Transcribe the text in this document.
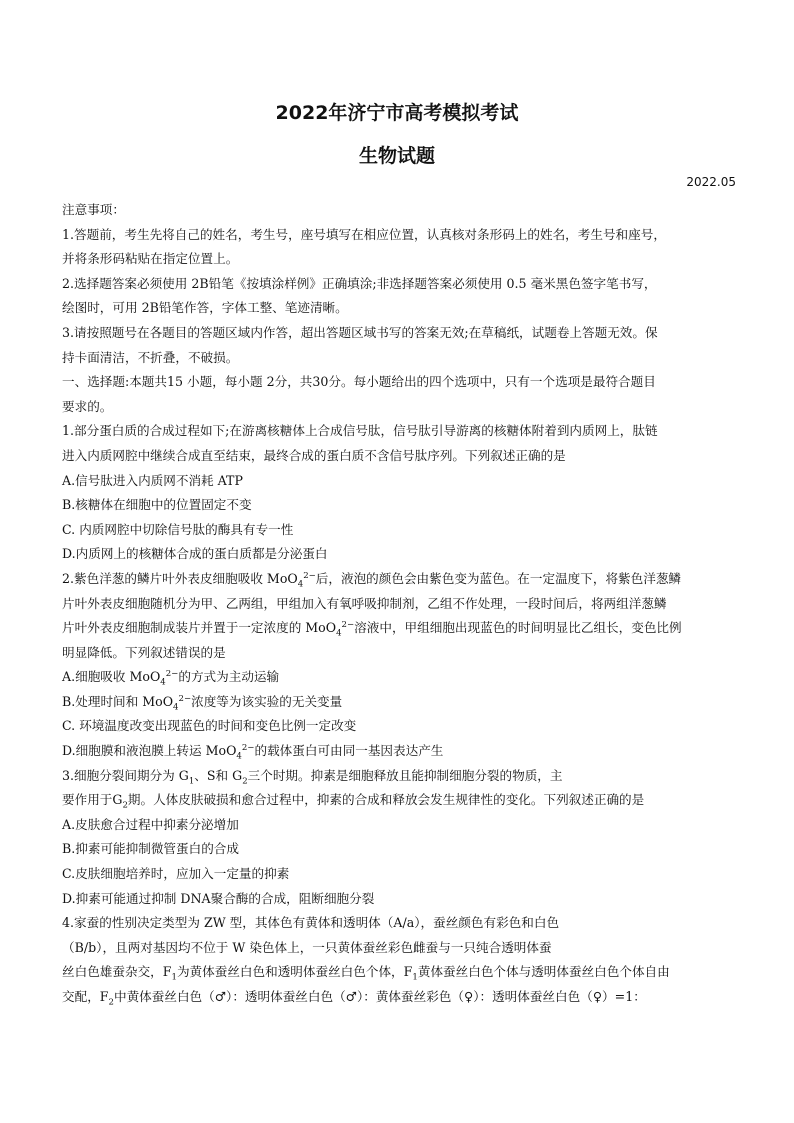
2022年济宁市高考模拟考试
生物试题
2022.05
注意事项：
1.答题前，考生先将自己的姓名，考生号，座号填写在相应位置，认真核对条形码上的姓名，考生号和座号，
并将条形码粘贴在指定位置上。
2.选择题答案必须使用 2B铅笔《按填涂样例》正确填涂;非选择题答案必须使用 0.5 毫米黑色签字笔书写，
绘图时，可用 2B铅笔作答，字体工整、笔迹清晰。
3.请按照题号在各题目的答题区域内作答，超出答题区域书写的答案无效;在草稿纸，试题卷上答题无效。保
持卡面清洁，不折叠，不破损。
一、选择题:本题共15 小题，每小题 2分，共30分。每小题给出的四个选项中，只有一个选项是最符合题目
要求的。
1.部分蛋白质的合成过程如下;在游离核糖体上合成信号肽，信号肽引导游离的核糖体附着到内质网上，肽链
进入内质网腔中继续合成直至结束，最终合成的蛋白质不含信号肽序列。下列叙述正确的是
A.信号肽进入内质网不消耗 ATP
B.核糖体在细胞中的位置固定不变
C. 内质网腔中切除信号肽的酶具有专一性
D.内质网上的核糖体合成的蛋白质都是分泌蛋白
2.紫色洋葱的鳞片叶外表皮细胞吸收 MoO$_4^{2-}$后，液泡的颜色会由紫色变为蓝色。在一定温度下，将紫色洋葱鳞
片叶外表皮细胞随机分为甲、乙两组，甲组加入有氧呼吸抑制剂，乙组不作处理，一段时间后，将两组洋葱鳞
片叶外表皮细胞制成装片并置于一定浓度的 MoO$_4^{2-}$溶液中，甲组细胞出现蓝色的时间明显比乙组长，变色比例
明显降低。下列叙述错误的是
A.细胞吸收 MoO$_4^{2-}$的方式为主动运输
B.处理时间和 MoO$_4^{2-}$浓度等为该实验的无关变量
C. 环境温度改变出现蓝色的时间和变色比例一定改变
D.细胞膜和液泡膜上转运 MoO$_4^{2-}$的载体蛋白可由同一基因表达产生
3.细胞分裂间期分为 $G_1$、S和 $G_2$三个时期。抑素是细胞释放且能抑制细胞分裂的物质，主
要作用于$G_2$期。人体皮肤破损和愈合过程中，抑素的合成和释放会发生规律性的变化。下列叙述正确的是
A.皮肤愈合过程中抑素分泌增加
B.抑素可能抑制微管蛋白的合成
C.皮肤细胞培养时，应加入一定量的抑素
D.抑素可能通过抑制 DNA聚合酶的合成，阻断细胞分裂
4.家蚕的性别决定类型为 ZW 型，其体色有黄体和透明体（A/a），蚕丝颜色有彩色和白色
（B/b），且两对基因均不位于 W 染色体上，一只黄体蚕丝彩色雌蚕与一只纯合透明体蚕
丝白色雄蚕杂交，$F_1$为黄体蚕丝白色和透明体蚕丝白色个体，$F_1$黄体蚕丝白色个体与透明体蚕丝白色个体自由
交配，$F_2$中黄体蚕丝白色（♂）：透明体蚕丝白色（♂）：黄体蚕丝彩色（♀）：透明体蚕丝白色（♀）=1：
